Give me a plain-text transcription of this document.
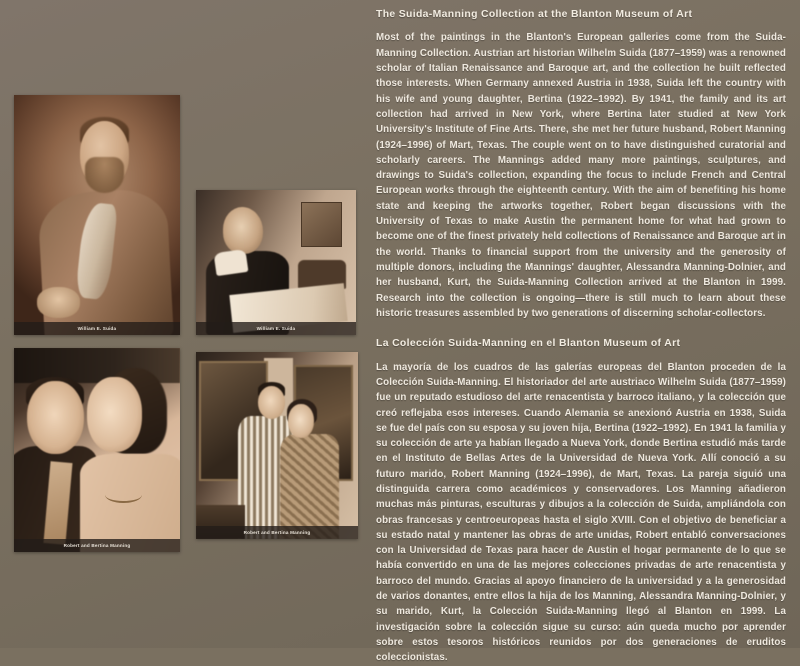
William E. Suida	William E. Suida
Robert and Bertina Manning
Robert and Bertina Manning
The Suida-Manning Collection at the Blanton Museum of Art

Most of the paintings in the Blanton's European galleries come from the Suida-Manning Collection. Austrian art historian Wilhelm Suida (1877–1959) was a renowned scholar of Italian Renaissance and Baroque art, and the collection he built reflected those interests. When Germany annexed Austria in 1938, Suida left the country with his wife and young daughter, Bertina (1922–1992). By 1941, the family and its art collection had arrived in New York, where Bertina later studied at New York University's Institute of Fine Arts. There, she met her future husband, Robert Manning (1924–1996) of Mart, Texas. The couple went on to have distinguished curatorial and scholarly careers. The Mannings added many more paintings, sculptures, and drawings to Suida's collection, expanding the focus to include French and Central European works through the eighteenth century. With the aim of benefiting his home state and keeping the artworks together, Robert began discussions with the University of Texas to make Austin the permanent home for what had grown to become one of the finest privately held collections of Renaissance and Baroque art in the world. Thanks to financial support from the university and the generosity of multiple donors, including the Mannings' daughter, Alessandra Manning-Dolnier, and her husband, Kurt, the Suida-Manning Collection arrived at the Blanton in 1999. Research into the collection is ongoing—there is still much to learn about these historic treasures assembled by two generations of discerning scholar-collectors.

La Colección Suida-Manning en el Blanton Museum of Art

La mayoría de los cuadros de las galerías europeas del Blanton proceden de la Colección Suida-Manning. El historiador del arte austriaco Wilhelm Suida (1877–1959) fue un reputado estudioso del arte renacentista y barroco italiano, y la colección que creó reflejaba esos intereses. Cuando Alemania se anexionó Austria en 1938, Suida se fue del país con su esposa y su joven hija, Bertina (1922–1992). En 1941 la familia y su colección de arte ya habían llegado a Nueva York, donde Bertina estudió más tarde en el Instituto de Bellas Artes de la Universidad de Nueva York. Allí conoció a su futuro marido, Robert Manning (1924–1996), de Mart, Texas. La pareja siguió una distinguida carrera como académicos y conservadores. Los Manning añadieron muchas más pinturas, esculturas y dibujos a la colección de Suida, ampliándola con obras francesas y centroeuropeas hasta el siglo XVIII. Con el objetivo de beneficiar a su estado natal y mantener las obras de arte unidas, Robert entabló conversaciones con la Universidad de Texas para hacer de Austin el hogar permanente de lo que se había convertido en una de las mejores colecciones privadas de arte renacentista y barroco del mundo. Gracias al apoyo financiero de la universidad y a la generosidad de varios donantes, entre ellos la hija de los Manning, Alessandra Manning-Dolnier, y su marido, Kurt, la Colección Suida-Manning llegó al Blanton en 1999. La investigación sobre la colección sigue su curso: aún queda mucho por aprender sobre estos tesoros históricos reunidos por dos generaciones de eruditos coleccionistas.
